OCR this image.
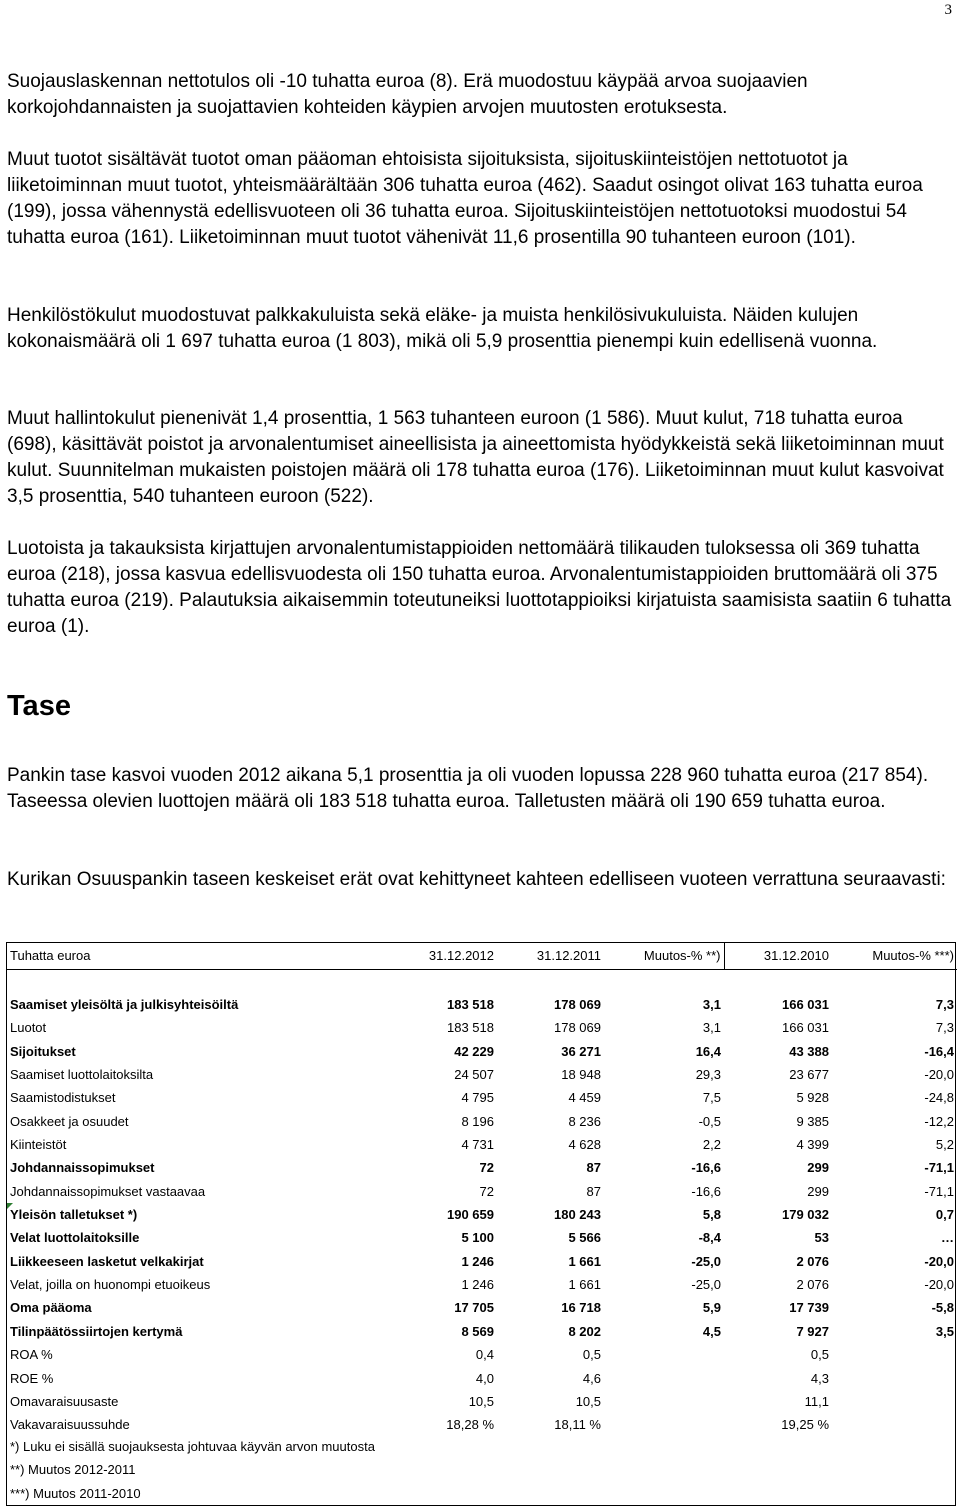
3

Suojauslaskennan nettotulos oli -10 tuhatta euroa (8). Erä muodostuu käypää arvoa suojaavien korkojohdannaisten ja suojattavien kohteiden käypien arvojen muutosten erotuksesta.

Muut tuotot sisältävät tuotot oman pääoman ehtoisista sijoituksista, sijoituskiinteistöjen nettotuotot ja liiketoiminnan muut tuotot, yhteismäärältään 306 tuhatta euroa (462). Saadut osingot olivat 163 tuhatta euroa (199), jossa vähennystä edellisvuoteen oli 36 tuhatta euroa. Sijoituskiinteistöjen nettotuotoksi muodostui 54 tuhatta euroa (161). Liiketoiminnan muut tuotot vähenivät 11,6 prosentilla 90 tuhanteen euroon (101).

Henkilöstökulut muodostuvat palkkakuluista sekä eläke- ja muista henkilösivukuluista. Näiden kulujen kokonaismäärä oli 1 697 tuhatta euroa (1 803), mikä oli 5,9 prosenttia pienempi kuin edellisenä vuonna.

Muut hallintokulut pienenivät 1,4 prosenttia, 1 563 tuhanteen euroon (1 586). Muut kulut, 718 tuhatta euroa (698), käsittävät poistot ja arvonalentumiset aineellisista ja aineettomista hyödykkeistä sekä liiketoiminnan muut kulut. Suunnitelman mukaisten poistojen määrä oli 178 tuhatta euroa (176). Liiketoiminnan muut kulut kasvoivat 3,5 prosenttia, 540 tuhanteen euroon (522).

Luotoista ja takauksista kirjattujen arvonalentumistappioiden nettomäärä tilikauden tuloksessa oli 369 tuhatta euroa (218), jossa kasvua edellisvuodesta oli 150 tuhatta euroa. Arvonalentumistappioiden bruttomäärä oli 375 tuhatta euroa (219). Palautuksia aikaisemmin toteutuneiksi luottotappioiksi kirjatuista saamisista saatiin 6 tuhatta euroa (1).

Tase

Pankin tase kasvoi vuoden 2012 aikana 5,1 prosenttia ja oli vuoden lopussa 228 960 tuhatta euroa (217 854). Taseessa olevien luottojen määrä oli 183 518 tuhatta euroa. Talletusten määrä oli 190 659 tuhatta euroa.

Kurikan Osuuspankin taseen keskeiset erät ovat kehittyneet kahteen edelliseen vuoteen verrattuna seuraavasti:

Tuhatta euroa	31.12.2012	31.12.2011	Muutos-% **)	31.12.2010	Muutos-% ***)

Saamiset yleisöltä ja julkisyhteisöiltä	183 518	178 069	3,1	166 031	7,3
Luotot	183 518	178 069	3,1	166 031	7,3
Sijoitukset	42 229	36 271	16,4	43 388	-16,4
Saamiset luottolaitoksilta	24 507	18 948	29,3	23 677	-20,0
Saamistodistukset	4 795	4 459	7,5	5 928	-24,8
Osakkeet ja osuudet	8 196	8 236	-0,5	9 385	-12,2
Kiinteistöt	4 731	4 628	2,2	4 399	5,2
Johdannaissopimukset	72	87	-16,6	299	-71,1
Johdannaissopimukset vastaavaa	72	87	-16,6	299	-71,1
Yleisön talletukset *)	190 659	180 243	5,8	179 032	0,7
Velat luottolaitoksille	5 100	5 566	-8,4	53	…
Liikkeeseen lasketut velkakirjat	1 246	1 661	-25,0	2 076	-20,0
Velat, joilla on huonompi etuoikeus	1 246	1 661	-25,0	2 076	-20,0
Oma pääoma	17 705	16 718	5,9	17 739	-5,8
Tilinpäätössiirtojen kertymä	8 569	8 202	4,5	7 927	3,5
ROA %	0,4	0,5		0,5	
ROE %	4,0	4,6		4,3	
Omavaraisuusaste	10,5	10,5		11,1	
Vakavaraisuussuhde	18,28 %	18,11 %		19,25 %	
*) Luku ei sisällä suojauksesta johtuvaa käyvän arvon muutosta
**) Muutos 2012-2011
***) Muutos 2011-2010
